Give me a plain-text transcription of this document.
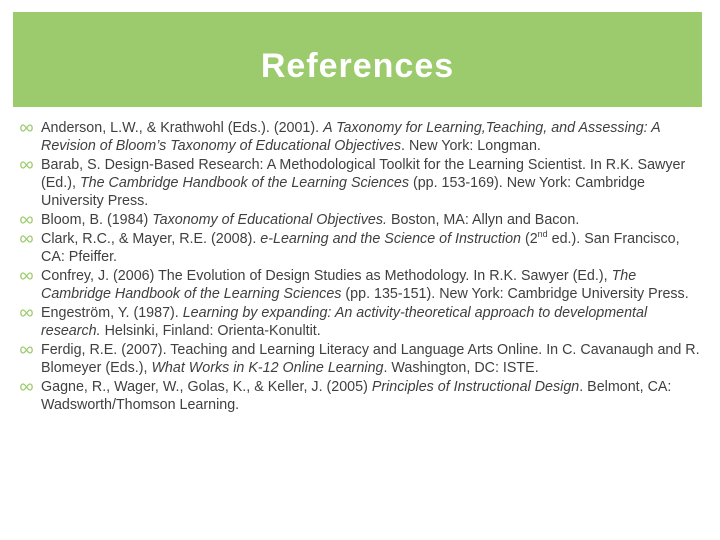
References
Anderson, L.W., & Krathwohl (Eds.). (2001). A Taxonomy for Learning,Teaching, and Assessing: A Revision of Bloom’s Taxonomy of Educational Objectives. New York: Longman.
Barab, S. Design-Based Research: A Methodological Toolkit for the Learning Scientist. In R.K. Sawyer (Ed.), The Cambridge Handbook of the Learning Sciences (pp. 153-169). New York: Cambridge University Press.
Bloom, B. (1984) Taxonomy of Educational Objectives. Boston, MA: Allyn and Bacon.
Clark, R.C., & Mayer, R.E. (2008). e-Learning and the Science of Instruction (2nd ed.). San Francisco, CA: Pfeiffer.
Confrey, J. (2006) The Evolution of Design Studies as Methodology. In R.K. Sawyer (Ed.), The Cambridge Handbook of the Learning Sciences (pp. 135-151). New York: Cambridge University Press.
Engeström, Y. (1987). Learning by expanding: An activity-theoretical approach to developmental research. Helsinki, Finland: Orienta-Konultit.
Ferdig, R.E. (2007). Teaching and Learning Literacy and Language Arts Online. In C. Cavanaugh and R. Blomeyer (Eds.), What Works in K-12 Online Learning. Washington, DC: ISTE.
Gagne, R., Wager, W., Golas, K., & Keller, J. (2005) Principles of Instructional Design. Belmont, CA: Wadsworth/Thomson Learning.
